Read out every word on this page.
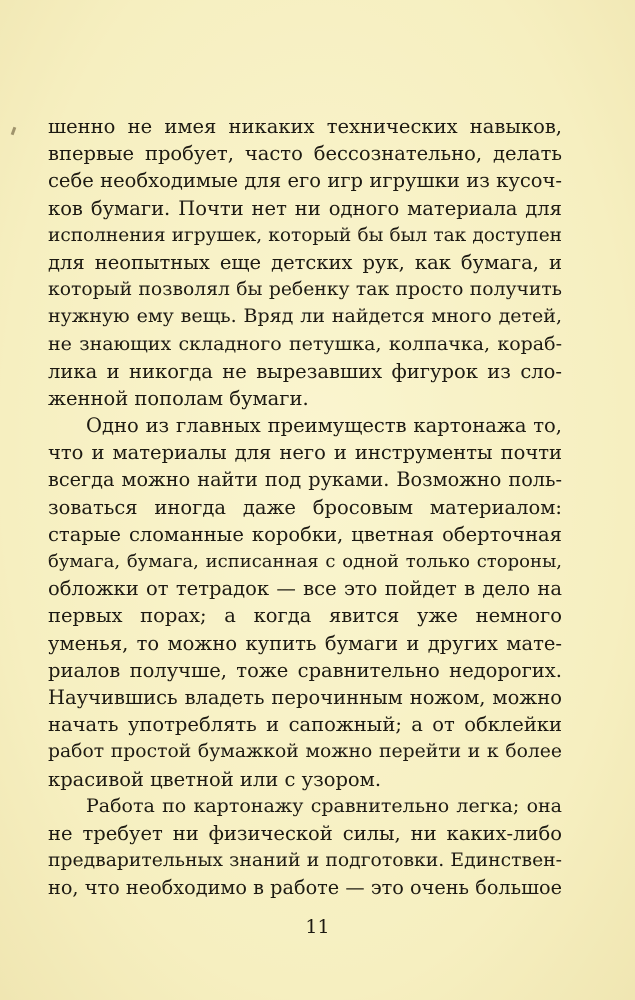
шенно не имея никаких технических навыков,
впервые пробует, часто бессознательно, делать
себе необходимые для его игр игрушки из кусоч-
ков бумаги. Почти нет ни одного материала для
исполнения игрушек, который бы был так доступен
для неопытных еще детских рук, как бумага, и
который позволял бы ребенку так просто получить
нужную ему вещь. Вряд ли найдется много детей,
не знающих складного петушка, колпачка, кораб-
лика и никогда не вырезавших фигурок из сло-
женной пополам бумаги.
Одно из главных преимуществ картонажа то,
что и материалы для него и инструменты почти
всегда можно найти под руками. Возможно поль-
зоваться иногда даже бросовым материалом:
старые сломанные коробки, цветная оберточная
бумага, бумага, исписанная с одной только стороны,
обложки от тетрадок — все это пойдет в дело на
первых порах; а когда явится уже немного
уменья, то можно купить бумаги и других мате-
риалов получше, тоже сравнительно недорогих.
Научившись владеть перочинным ножом, можно
начать употреблять и сапожный; а от обклейки
работ простой бумажкой можно перейти и к более
красивой цветной или с узором.
Работа по картонажу сравнительно легка; она
не требует ни физической силы, ни каких-либо
предварительных знаний и подготовки. Единствен-
но, что необходимо в работе — это очень большое
11
